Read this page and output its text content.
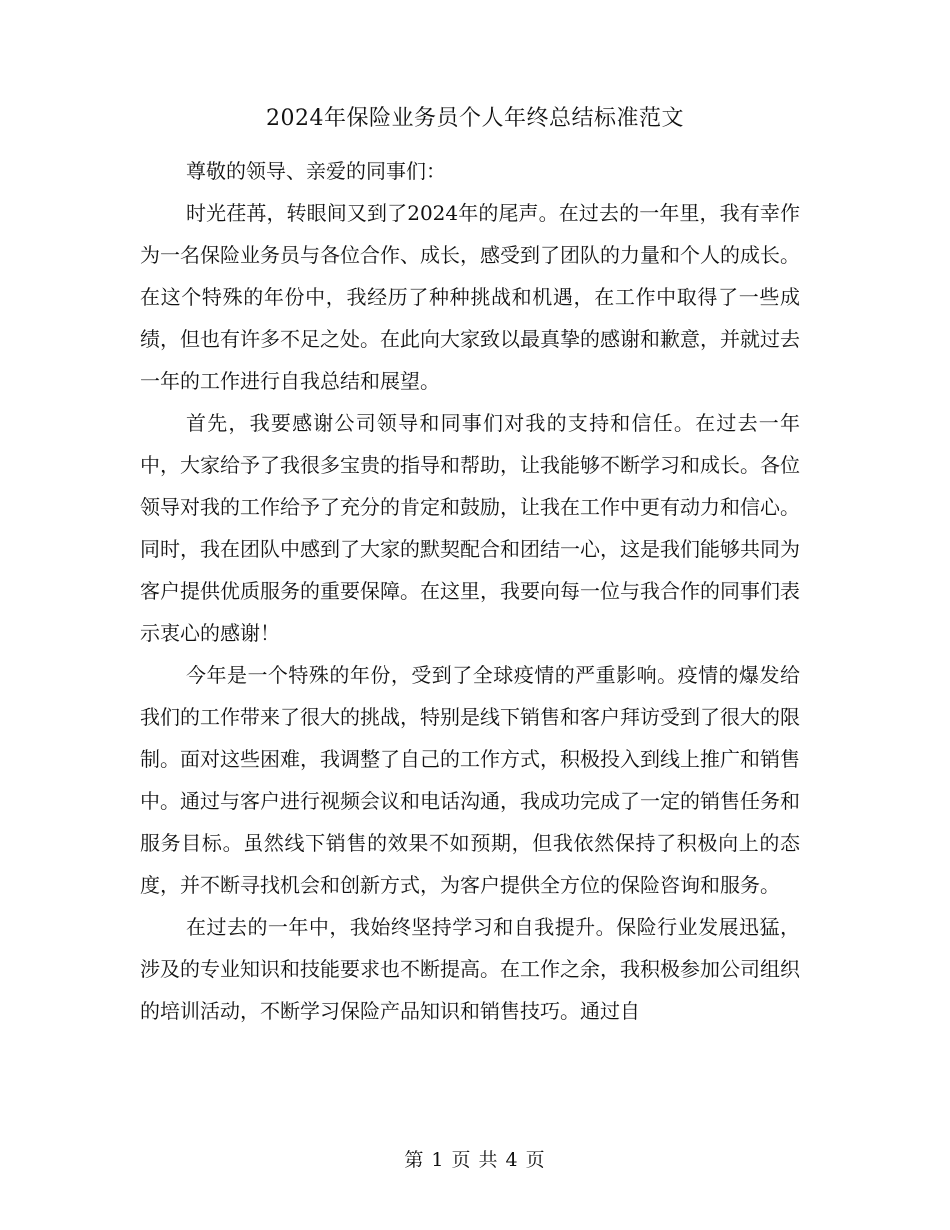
2024年保险业务员个人年终总结标准范文

尊敬的领导、亲爱的同事们：

时光荏苒，转眼间又到了2024年的尾声。在过去的一年里，我有幸作为一名保险业务员与各位合作、成长，感受到了团队的力量和个人的成长。在这个特殊的年份中，我经历了种种挑战和机遇，在工作中取得了一些成绩，但也有许多不足之处。在此向大家致以最真挚的感谢和歉意，并就过去一年的工作进行自我总结和展望。

首先，我要感谢公司领导和同事们对我的支持和信任。在过去一年中，大家给予了我很多宝贵的指导和帮助，让我能够不断学习和成长。各位领导对我的工作给予了充分的肯定和鼓励，让我在工作中更有动力和信心。同时，我在团队中感到了大家的默契配合和团结一心，这是我们能够共同为客户提供优质服务的重要保障。在这里，我要向每一位与我合作的同事们表示衷心的感谢！

今年是一个特殊的年份，受到了全球疫情的严重影响。疫情的爆发给我们的工作带来了很大的挑战，特别是线下销售和客户拜访受到了很大的限制。面对这些困难，我调整了自己的工作方式，积极投入到线上推广和销售中。通过与客户进行视频会议和电话沟通，我成功完成了一定的销售任务和服务目标。虽然线下销售的效果不如预期，但我依然保持了积极向上的态度，并不断寻找机会和创新方式，为客户提供全方位的保险咨询和服务。

在过去的一年中，我始终坚持学习和自我提升。保险行业发展迅猛，涉及的专业知识和技能要求也不断提高。在工作之余，我积极参加公司组织的培训活动，不断学习保险产品知识和销售技巧。通过自

第 1 页 共 4 页
